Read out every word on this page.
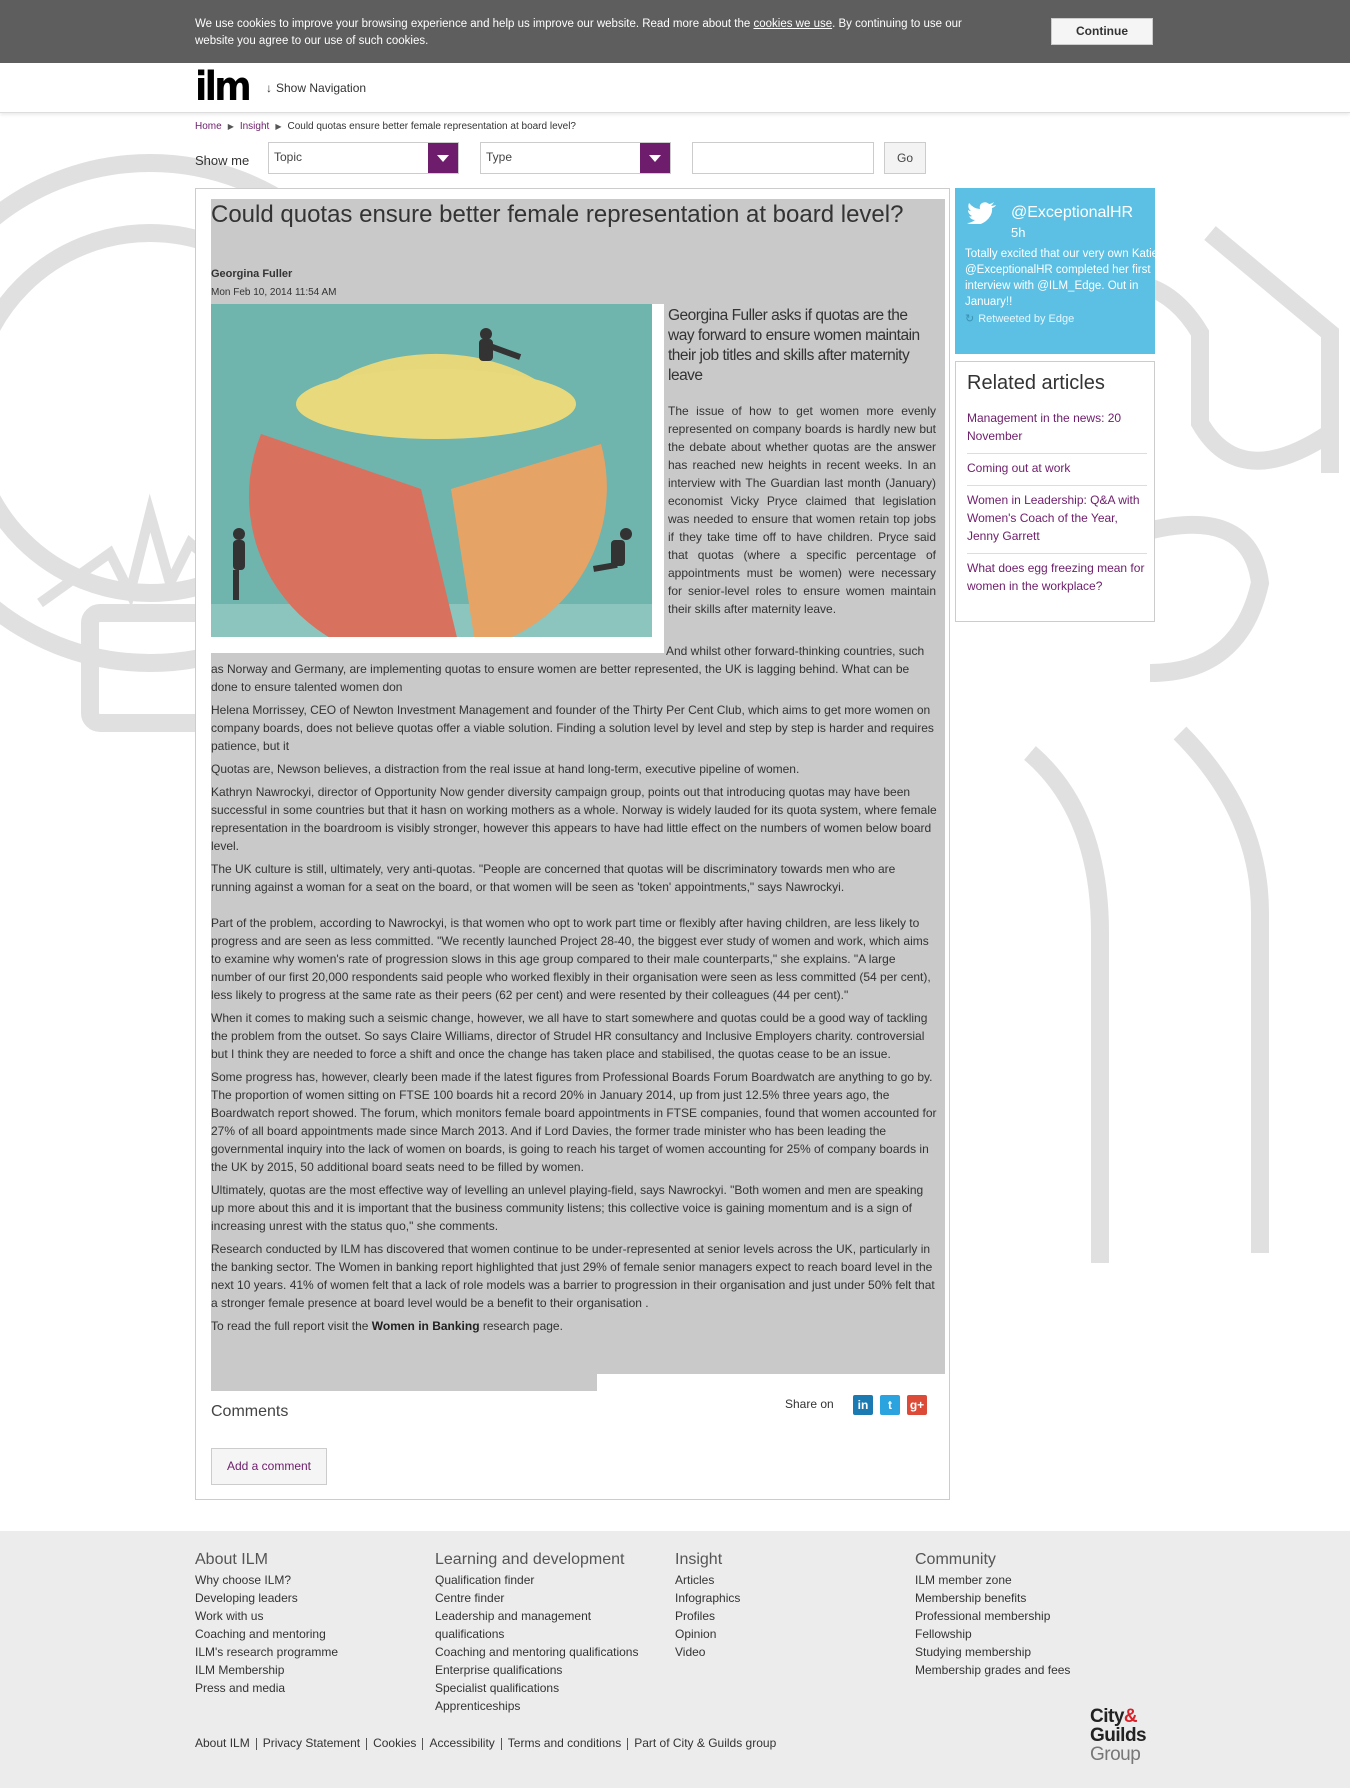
We use cookies to improve your browsing experience and help us improve our website. Read more about the cookies we use. By continuing to use our website you agree to our use of such cookies.
Continue
ilm ↓ Show Navigation
Home ▶ Insight ▶ Could quotas ensure better female representation at board level?
Show me Topic	Type	Go
Could quotas ensure better female representation at board level?
Georgina Fuller
Mon Feb 10, 2014 11:54 AM
Georgina Fuller asks if quotas are the way forward to ensure women maintain their job titles and skills after maternity leave
The issue of how to get women more evenly represented on company boards is hardly new but the debate about whether quotas are the answer has reached new heights in recent weeks. In an interview with The Guardian last month (January) economist Vicky Pryce claimed that legislation was needed to ensure that women retain top jobs if they take time off to have children. Pryce said that quotas (where a specific percentage of appointments must be women) were necessary for senior-level roles to ensure women maintain their skills after maternity leave.

And whilst other forward-thinking countries, such as Norway and Germany, are implementing quotas to ensure women are better represented, the UK is lagging behind. What can be done to ensure talented women don

Helena Morrissey, CEO of Newton Investment Management and founder of the Thirty Per Cent Club, which aims to get more women on company boards, does not believe quotas offer a viable solution. Finding a solution level by level and step by step is harder and requires patience, but it

Quotas are, Newson believes, a distraction from the real issue at hand long-term, executive pipeline of women.

Kathryn Nawrockyi, director of Opportunity Now gender diversity campaign group, points out that introducing quotas may have been successful in some countries but that it hasn on working mothers as a whole. Norway is widely lauded for its quota system, where female representation in the boardroom is visibly stronger, however this appears to have had little effect on the numbers of women below board level.

The UK culture is still, ultimately, very anti-quotas. "People are concerned that quotas will be discriminatory towards men who are running against a woman for a seat on the board, or that women will be seen as 'token' appointments," says Nawrockyi.

Part of the problem, according to Nawrockyi, is that women who opt to work part time or flexibly after having children, are less likely to progress and are seen as less committed. "We recently launched Project 28-40, the biggest ever study of women and work, which aims to examine why women's rate of progression slows in this age group compared to their male counterparts," she explains. "A large number of our first 20,000 respondents said people who worked flexibly in their organisation were seen as less committed (54 per cent), less likely to progress at the same rate as their peers (62 per cent) and were resented by their colleagues (44 per cent)."

When it comes to making such a seismic change, however, we all have to start somewhere and quotas could be a good way of tackling the problem from the outset. So says Claire Williams, director of Strudel HR consultancy and Inclusive Employers charity. controversial but I think they are needed to force a shift and once the change has taken place and stabilised, the quotas cease to be an issue.

Some progress has, however, clearly been made if the latest figures from Professional Boards Forum Boardwatch are anything to go by. The proportion of women sitting on FTSE 100 boards hit a record 20% in January 2014, up from just 12.5% three years ago, the Boardwatch report showed. The forum, which monitors female board appointments in FTSE companies, found that women accounted for 27% of all board appointments made since March 2013. And if Lord Davies, the former trade minister who has been leading the governmental inquiry into the lack of women on boards, is going to reach his target of women accounting for 25% of company boards in the UK by 2015, 50 additional board seats need to be filled by women.

Ultimately, quotas are the most effective way of levelling an unlevel playing-field, says Nawrockyi. "Both women and men are speaking up more about this and it is important that the business community listens; this collective voice is gaining momentum and is a sign of increasing unrest with the status quo," she comments.

Research conducted by ILM has discovered that women continue to be under-represented at senior levels across the UK, particularly in the banking sector. The Women in banking report highlighted that just 29% of female senior managers expect to reach board level in the next 10 years. 41% of women felt that a lack of role models was a barrier to progression in their organisation and just under 50% felt that a stronger female presence at board level would be a benefit to their organisation .

To read the full report visit the Women in Banking research page.

Share on	in	t	g+
Comments
Add a comment
@ExceptionalHR
5h
Totally excited that our very own Katie @ExceptionalHR completed her first interview with @ILM_Edge. Out in January!!
↻ Retweeted by Edge
Related articles
Management in the news: 20 November
Coming out at work
Women in Leadership: Q&A with Women's Coach of the Year, Jenny Garrett
What does egg freezing mean for women in the workplace?
About ILM
Why choose ILM?
Developing leaders
Work with us
Coaching and mentoring
ILM's research programme
ILM Membership
Press and media
Learning and development
Qualification finder
Centre finder
Leadership and management qualifications
Coaching and mentoring qualifications
Enterprise qualifications
Specialist qualifications
Apprenticeships
Insight
Articles
Infographics
Profiles
Opinion
Video
Community
ILM member zone
Membership benefits
Professional membership
Fellowship
Studying membership
Membership grades and fees
About ILM Privacy Statement Cookies Accessibility Terms and conditions Part of City & Guilds group
City&
Guilds
Group
